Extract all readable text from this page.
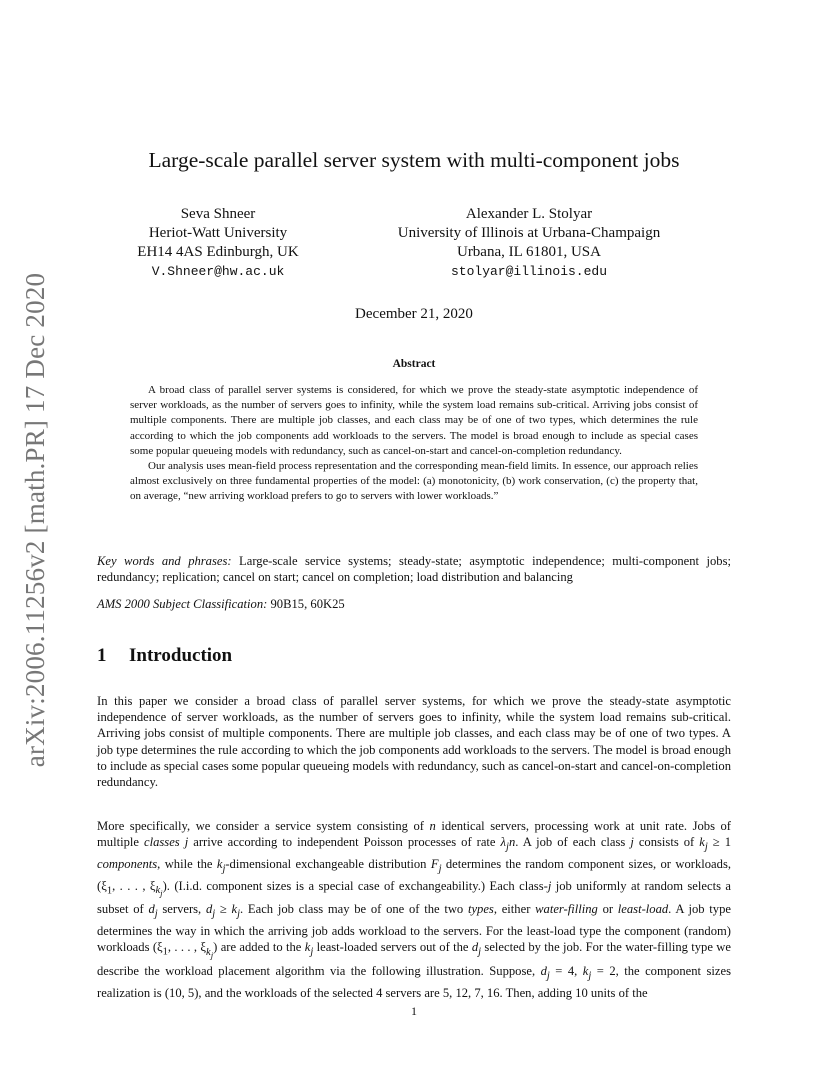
arXiv:2006.11256v2 [math.PR] 17 Dec 2020
Large-scale parallel server system with multi-component jobs
Seva Shneer
Heriot-Watt University
EH14 4AS Edinburgh, UK
V.Shneer@hw.ac.uk
Alexander L. Stolyar
University of Illinois at Urbana-Champaign
Urbana, IL 61801, USA
stolyar@illinois.edu
December 21, 2020
Abstract

A broad class of parallel server systems is considered, for which we prove the steady-state asymptotic independence of server workloads, as the number of servers goes to infinity, while the system load remains sub-critical. Arriving jobs consist of multiple components. There are multiple job classes, and each class may be of one of two types, which determines the rule according to which the job components add workloads to the servers. The model is broad enough to include as special cases some popular queueing models with redundancy, such as cancel-on-start and cancel-on-completion redundancy.

Our analysis uses mean-field process representation and the corresponding mean-field limits. In essence, our approach relies almost exclusively on three fundamental properties of the model: (a) monotonicity, (b) work conservation, (c) the property that, on average, “new arriving workload prefers to go to servers with lower workloads.”

Key words and phrases: Large-scale service systems; steady-state; asymptotic independence; multi-component jobs; redundancy; replication; cancel on start; cancel on completion; load distribution and balancing
AMS 2000 Subject Classification: 90B15, 60K25
1 Introduction

In this paper we consider a broad class of parallel server systems, for which we prove the steady-state asymptotic independence of server workloads, as the number of servers goes to infinity, while the system load remains sub-critical. Arriving jobs consist of multiple components. There are multiple job classes, and each class may be of one of two types. A job type determines the rule according to which the job components add workloads to the servers. The model is broad enough to include as special cases some popular queueing models with redundancy, such as cancel-on-start and cancel-on-completion redundancy.

More specifically, we consider a service system consisting of n identical servers, processing work at unit rate. Jobs of multiple classes j arrive according to independent Poisson processes of rate $\lambda_jn$. A job of each class j consists of $k_j \ge 1$ components, while the $k_j$-dimensional exchangeable distribution $F_j$ determines the random component sizes, or workloads, ($\xi_1$, . . . , $\xi_{k_j}$). (I.i.d. component sizes is a special case of exchangeability.) Each class-j job uniformly at random selects a subset of $d_j$ servers, $d_j \ge k_j$. Each job class may be of one of the two types, either water-filling or least-load. A job type determines the way in which the arriving job adds workload to the servers. For the least-load type the component (random) workloads ($\xi_1$, . . . , $\xi_{k_j}$) are added to the $k_j$ least-loaded servers out of the $d_j$ selected by the job. For the water-filling type we describe the workload placement algorithm via the following illustration. Suppose, $d_j = 4$, $k_j = 2$, the component sizes realization is (10, 5), and the workloads of the selected 4 servers are 5, 12, 7, 16. Then, adding 10 units of the

1
